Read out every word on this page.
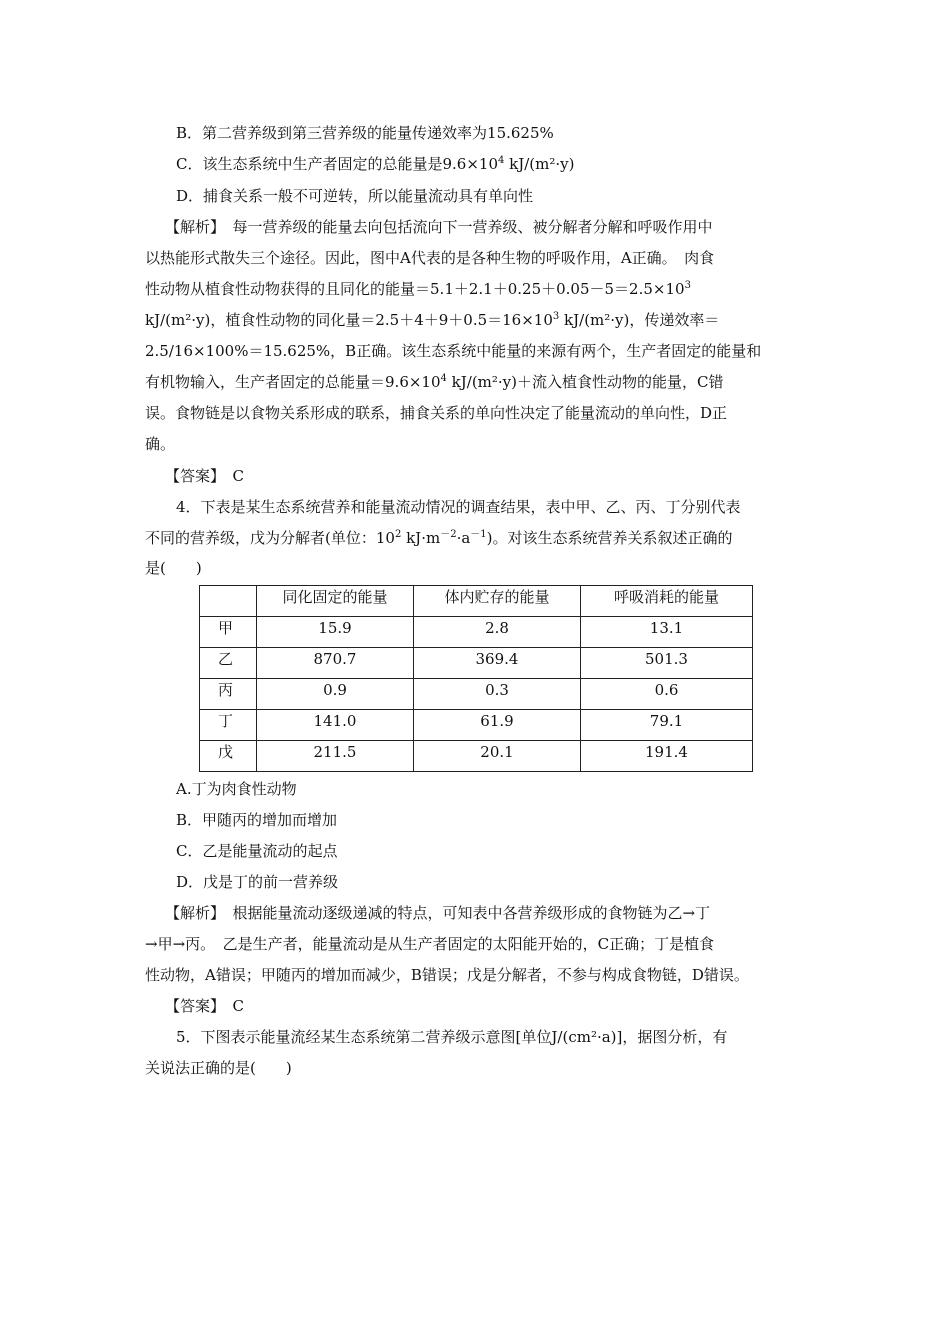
B．第二营养级到第三营养级的能量传递效率为15.625%
C．该生态系统中生产者固定的总能量是$9.6\times 10^4$ kJ/(m²·y)
D．捕食关系一般不可逆转，所以能量流动具有单向性
【解析】　每一营养级的能量去向包括流向下一营养级、被分解者分解和呼吸作用中
以热能形式散失三个途径。因此，图中A代表的是各种生物的呼吸作用，A正确。　肉食
性动物从植食性动物获得的且同化的能量$=5.1+2.1+0.25+0.05-5=2.5\times 10^3$
kJ/(m²·y)，植食性动物的同化量$=2.5+4+9+0.5=16\times 10^3$ kJ/(m²·y)，传递效率＝
2.5/16×100%＝15.625%，B正确。该生态系统中能量的来源有两个，生产者固定的能量和
有机物输入，生产者固定的总能量$=9.6\times 10^4$ kJ/(m²·y)＋流入植食性动物的能量，C错
误。食物链是以食物关系形成的联系，捕食关系的单向性决定了能量流动的单向性，D正
确。
【答案】　C
4．下表是某生态系统营养和能量流动情况的调查结果，表中甲、乙、丙、丁分别代表
不同的营养级，戊为分解者(单位：$10^2$ $kJ\cdot m^{-2}\cdot a^{-1}$)。对该生态系统营养关系叙述正确的
是(　　)
	同化固定的能量	体内贮存的能量	呼吸消耗的能量
甲	15.9	2.8	13.1
乙	870.7	369.4	501.3
丙	0.9	0.3	0.6
丁	141.0	61.9	79.1
戊	211.5	20.1	191.4
A.丁为肉食性动物
B．甲随丙的增加而增加
C．乙是能量流动的起点
D．戊是丁的前一营养级
【解析】　根据能量流动逐级递减的特点，可知表中各营养级形成的食物链为乙→丁
→甲→丙。　乙是生产者，能量流动是从生产者固定的太阳能开始的，C正确；丁是植食
性动物，A错误；甲随丙的增加而减少，B错误；戊是分解者，不参与构成食物链，D错误。
【答案】　C
5．下图表示能量流经某生态系统第二营养级示意图[单位J/(cm²·a)]，据图分析，有
关说法正确的是(　　)
